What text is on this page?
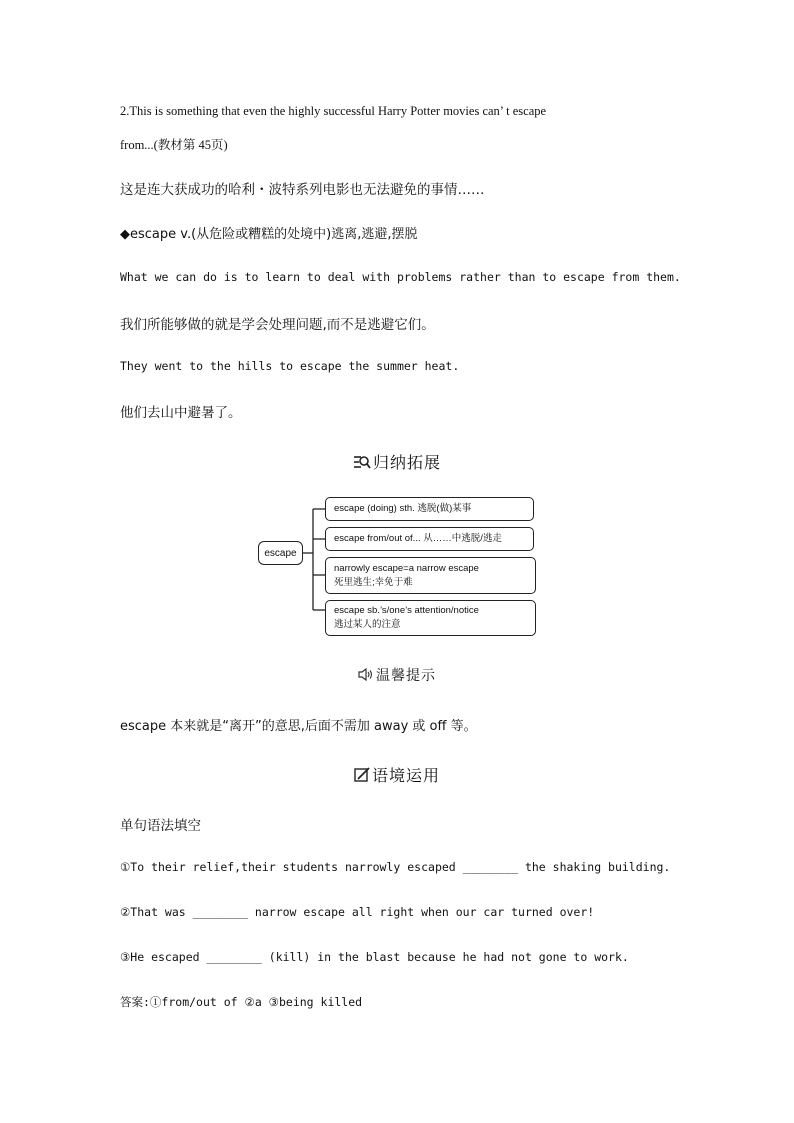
2.This is something that even the highly successful Harry Potter movies can’ t escape
from...(教材第 45页)
这是连大获成功的哈利・波特系列电影也无法避免的事情……
◆escape v.(从危险或糟糕的处境中)逃离,逃避,摆脱
What we can do is to learn to deal with problems rather than to escape from them.
我们所能够做的就是学会处理问题,而不是逃避它们。
They went to the hills to escape the summer heat.
他们去山中避暑了。
归纳拓展
escape
escape (doing) sth. 逃脱(做)某事
escape from/out of... 从……中逃脱/逃走
narrowly escape=a narrow escape
死里逃生;幸免于难
escape sb.’s/one’s attention/notice
逃过某人的注意
温馨提示
escape 本来就是“离开”的意思,后面不需加 away 或 off 等。
语境运用
单句语法填空
①To their relief,their students narrowly escaped ________ the shaking building.
②That was ________ narrow escape all right when our car turned over!
③He escaped ________ (kill) in the blast because he had not gone to work.
答案:①from/out of ②a ③being killed
